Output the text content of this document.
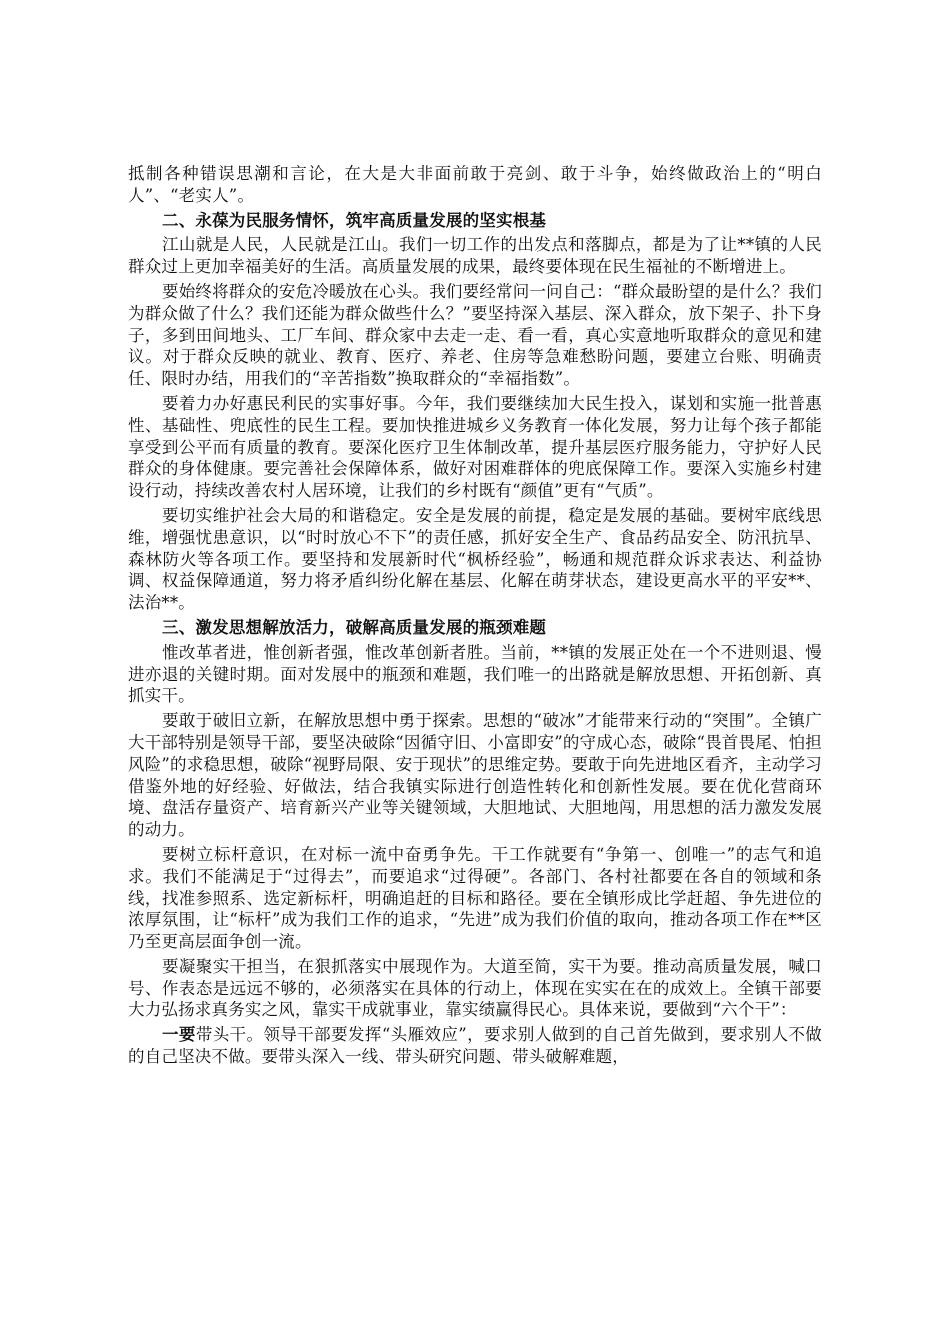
抵制各种错误思潮和言论，在大是大非面前敢于亮剑、敢于斗争，始终做政治上的“明白人”、“老实人”。

二、永葆为民服务情怀，筑牢高质量发展的坚实根基

江山就是人民，人民就是江山。我们一切工作的出发点和落脚点，都是为了让**镇的人民群众过上更加幸福美好的生活。高质量发展的成果，最终要体现在民生福祉的不断增进上。

要始终将群众的安危冷暖放在心头。我们要经常问一问自己：“群众最盼望的是什么？我们为群众做了什么？我们还能为群众做些什么？”要坚持深入基层、深入群众，放下架子、扑下身子，多到田间地头、工厂车间、群众家中去走一走、看一看，真心实意地听取群众的意见和建议。对于群众反映的就业、教育、医疗、养老、住房等急难愁盼问题，要建立台账、明确责任、限时办结，用我们的“辛苦指数”换取群众的“幸福指数”。

要着力办好惠民利民的实事好事。今年，我们要继续加大民生投入，谋划和实施一批普惠性、基础性、兜底性的民生工程。要加快推进城乡义务教育一体化发展，努力让每个孩子都能享受到公平而有质量的教育。要深化医疗卫生体制改革，提升基层医疗服务能力，守护好人民群众的身体健康。要完善社会保障体系，做好对困难群体的兜底保障工作。要深入实施乡村建设行动，持续改善农村人居环境，让我们的乡村既有“颜值”更有“气质”。

要切实维护社会大局的和谐稳定。安全是发展的前提，稳定是发展的基础。要树牢底线思维，增强忧患意识，以“时时放心不下”的责任感，抓好安全生产、食品药品安全、防汛抗旱、森林防火等各项工作。要坚持和发展新时代“枫桥经验”，畅通和规范群众诉求表达、利益协调、权益保障通道，努力将矛盾纠纷化解在基层、化解在萌芽状态，建设更高水平的平安**、法治**。

三、激发思想解放活力，破解高质量发展的瓶颈难题

惟改革者进，惟创新者强，惟改革创新者胜。当前，**镇的发展正处在一个不进则退、慢进亦退的关键时期。面对发展中的瓶颈和难题，我们唯一的出路就是解放思想、开拓创新、真抓实干。

要敢于破旧立新，在解放思想中勇于探索。思想的“破冰”才能带来行动的“突围”。全镇广大干部特别是领导干部，要坚决破除“因循守旧、小富即安”的守成心态，破除“畏首畏尾、怕担风险”的求稳思想，破除“视野局限、安于现状”的思维定势。要敢于向先进地区看齐，主动学习借鉴外地的好经验、好做法，结合我镇实际进行创造性转化和创新性发展。要在优化营商环境、盘活存量资产、培育新兴产业等关键领域，大胆地试、大胆地闯，用思想的活力激发发展的动力。

要树立标杆意识，在对标一流中奋勇争先。干工作就要有“争第一、创唯一”的志气和追求。我们不能满足于“过得去”，而要追求“过得硬”。各部门、各村社都要在各自的领域和条线，找准参照系、选定新标杆，明确追赶的目标和路径。要在全镇形成比学赶超、争先进位的浓厚氛围，让“标杆”成为我们工作的追求，“先进”成为我们价值的取向，推动各项工作在**区乃至更高层面争创一流。

要凝聚实干担当，在狠抓落实中展现作为。大道至简，实干为要。推动高质量发展，喊口号、作表态是远远不够的，必须落实在具体的行动上，体现在实实在在的成效上。全镇干部要大力弘扬求真务实之风，靠实干成就事业，靠实绩赢得民心。具体来说，要做到“六个干”：

一要带头干。领导干部要发挥“头雁效应”，要求别人做到的自己首先做到，要求别人不做的自己坚决不做。要带头深入一线、带头研究问题、带头破解难题，
